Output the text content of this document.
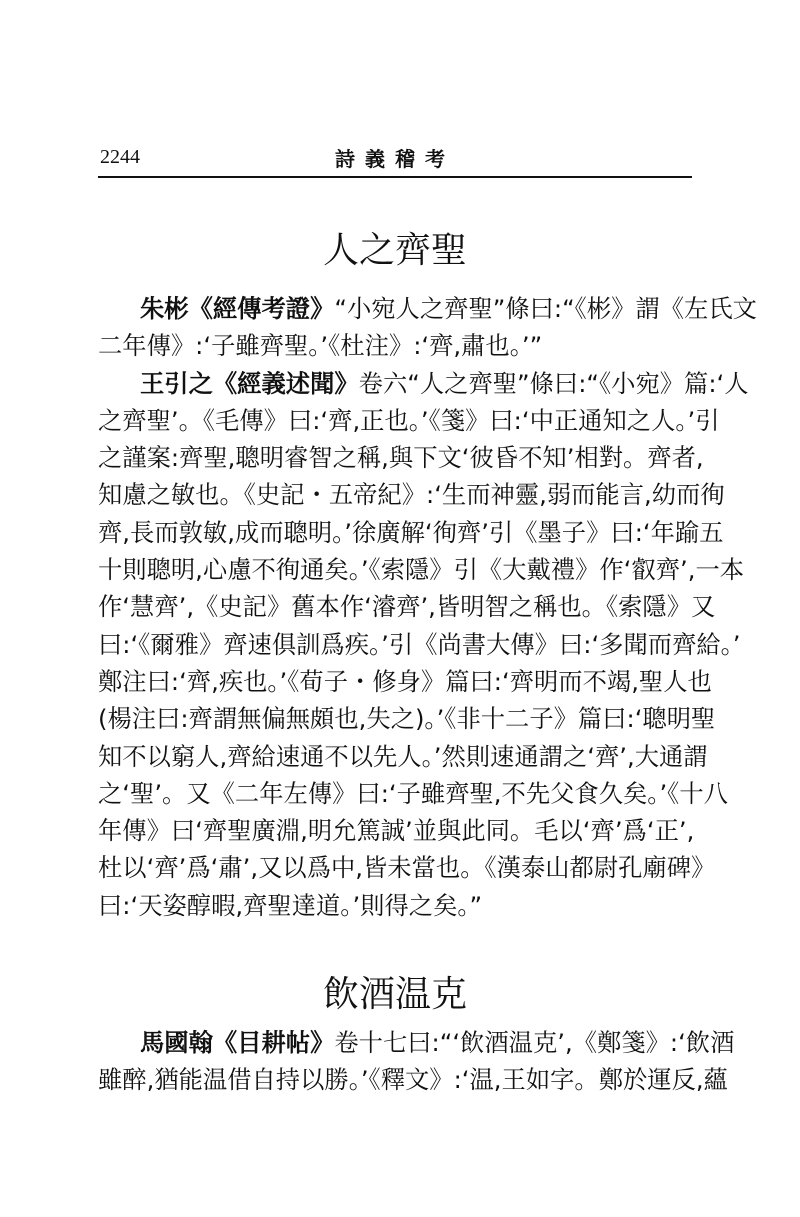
2244	詩義稽考
人之齊聖
朱彬《經傳考證》“小宛人之齊聖”條曰:“《彬》謂《左氏文
二年傳》:‘子雖齊聖。’《杜注》:‘齊,肅也。’”
王引之《經義述聞》卷六“人之齊聖”條曰:“《小宛》篇:‘人
之齊聖’。《毛傳》曰:‘齊,正也。’《箋》曰:‘中正通知之人。’引
之謹案:齊聖,聰明睿智之稱,與下文‘彼昏不知’相對。齊者,
知慮之敏也。《史記・五帝紀》:‘生而神靈,弱而能言,幼而徇
齊,長而敦敏,成而聰明。’徐廣解‘徇齊’引《墨子》曰:‘年踰五
十則聰明,心慮不徇通矣。’《索隱》引《大戴禮》作‘叡齊’,一本
作‘慧齊’,《史記》舊本作‘濬齊’,皆明智之稱也。《索隱》又
曰:‘《爾雅》齊速俱訓爲疾。’引《尚書大傳》曰:‘多聞而齊給。’
鄭注曰:‘齊,疾也。’《荀子・修身》篇曰:‘齊明而不竭,聖人也
(楊注曰:齊謂無偏無頗也,失之)。’《非十二子》篇曰:‘聰明聖
知不以窮人,齊給速通不以先人。’然則速通謂之‘齊’,大通謂
之‘聖’。又《二年左傳》曰:‘子雖齊聖,不先父食久矣。’《十八
年傳》曰‘齊聖廣淵,明允篤誠’並與此同。毛以‘齊’爲‘正’,
杜以‘齊’爲‘肅’,又以爲中,皆未當也。《漢泰山都尉孔廟碑》
曰:‘天姿醇暇,齊聖達道。’則得之矣。”
飲酒温克
馬國翰《目耕帖》卷十七曰:“‘飲酒温克’,《鄭箋》:‘飲酒
雖醉,猶能温借自持以勝。’《釋文》:‘温,王如字。鄭於運反,蘊
